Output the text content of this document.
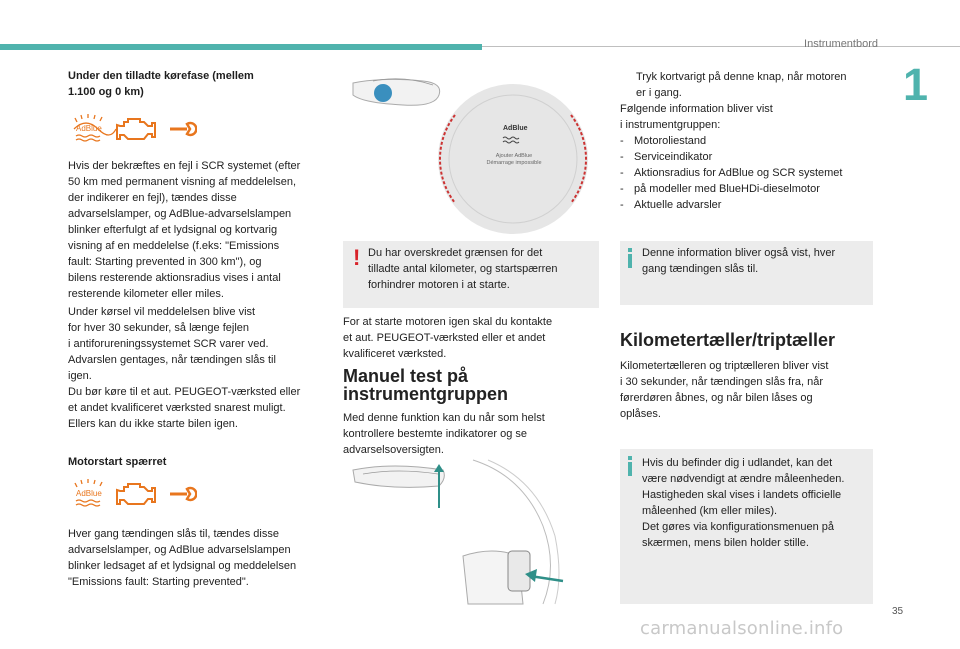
Instrumentbord
1
Under den tilladte kørefase (mellem
1.100 og 0 km)
AdBlue
Hvis der bekræftes en fejl i SCR systemet (efter
50 km med permanent visning af meddelelsen,
der indikerer en fejl), tændes disse
advarselslamper, og AdBlue-advarselslampen
blinker efterfulgt af et lydsignal og kortvarig
visning af en meddelelse (f.eks: "Emissions
fault: Starting prevented in 300 km"), og
bilens resterende aktionsradius vises i antal
resterende kilometer eller miles.
Under kørsel vil meddelelsen blive vist
for hver 30 sekunder, så længe fejlen
i antiforureningssystemet SCR varer ved.
Advarslen gentages, når tændingen slås til
igen.
Du bør køre til et aut. PEUGEOT-værksted eller
et andet kvalificeret værksted snarest muligt.
Ellers kan du ikke starte bilen igen.
Motorstart spærret
AdBlue
Hver gang tændingen slås til, tændes disse
advarselslamper, og AdBlue advarselslampen
blinker ledsaget af et lydsignal og meddelelsen
"Emissions fault: Starting prevented".
AdBlue
Ajouter AdBlue
Démarrage impossible
! Du har overskredet grænsen for det
tilladte antal kilometer, og startspærren
forhindrer motoren i at starte.
For at starte motoren igen skal du kontakte
et aut. PEUGEOT-værksted eller et andet
kvalificeret værksted.
Manuel test på
instrumentgruppen
Med denne funktion kan du når som helst
kontrollere bestemte indikatorer og se
advarselsoversigten.
Tryk kortvarigt på denne knap, når motoren
er i gang.
Følgende information bliver vist
i instrumentgruppen:
- Motoroliestand
- Serviceindikator
- Aktionsradius for AdBlue og SCR systemet
- på modeller med BlueHDi-dieselmotor
- Aktuelle advarsler
Denne information bliver også vist, hver
gang tændingen slås til.
Kilometertæller/triptæller
Kilometertælleren og triptælleren bliver vist
i 30 sekunder, når tændingen slås fra, når
førerdøren åbnes, og når bilen låses og
oplåses.
Hvis du befinder dig i udlandet, kan det
være nødvendigt at ændre måleenheden.
Hastigheden skal vises i landets officielle
måleenhed (km eller miles).
Det gøres via konfigurationsmenuen på
skærmen, mens bilen holder stille.
35
carmanualsonline.info
